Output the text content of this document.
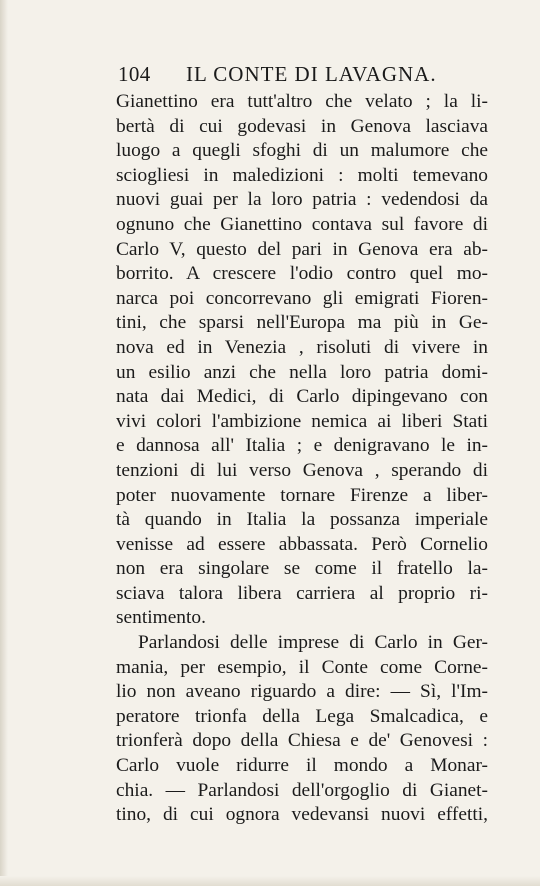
104	IL CONTE DI LAVAGNA.
Gianettino era tutt'altro che velato ; la li-
bertà di cui godevasi in Genova lasciava
luogo a quegli sfoghi di un malumore che
sciogliesi in maledizioni : molti temevano
nuovi guai per la loro patria : vedendosi da
ognuno che Gianettino contava sul favore di
Carlo V, questo del pari in Genova era ab-
borrito. A crescere l'odio contro quel mo-
narca poi concorrevano gli emigrati Fioren-
tini, che sparsi nell'Europa ma più in Ge-
nova ed in Venezia , risoluti di vivere in
un esilio anzi che nella loro patria domi-
nata dai Medici, di Carlo dipingevano con
vivi colori l'ambizione nemica ai liberi Stati
e dannosa all' Italia ; e denigravano le in-
tenzioni di lui verso Genova , sperando di
poter nuovamente tornare Firenze a liber-
tà quando in Italia la possanza imperiale
venisse ad essere abbassata. Però Cornelio
non era singolare se come il fratello la-
sciava talora libera carriera al proprio ri-
sentimento.
Parlandosi delle imprese di Carlo in Ger-
mania, per esempio, il Conte come Corne-
lio non aveano riguardo a dire: — Sì, l'Im-
peratore trionfa della Lega Smalcadica, e
trionferà dopo della Chiesa e de' Genovesi :
Carlo vuole ridurre il mondo a Monar-
chia. — Parlandosi dell'orgoglio di Gianet-
tino, di cui ognora vedevansi nuovi effetti,
